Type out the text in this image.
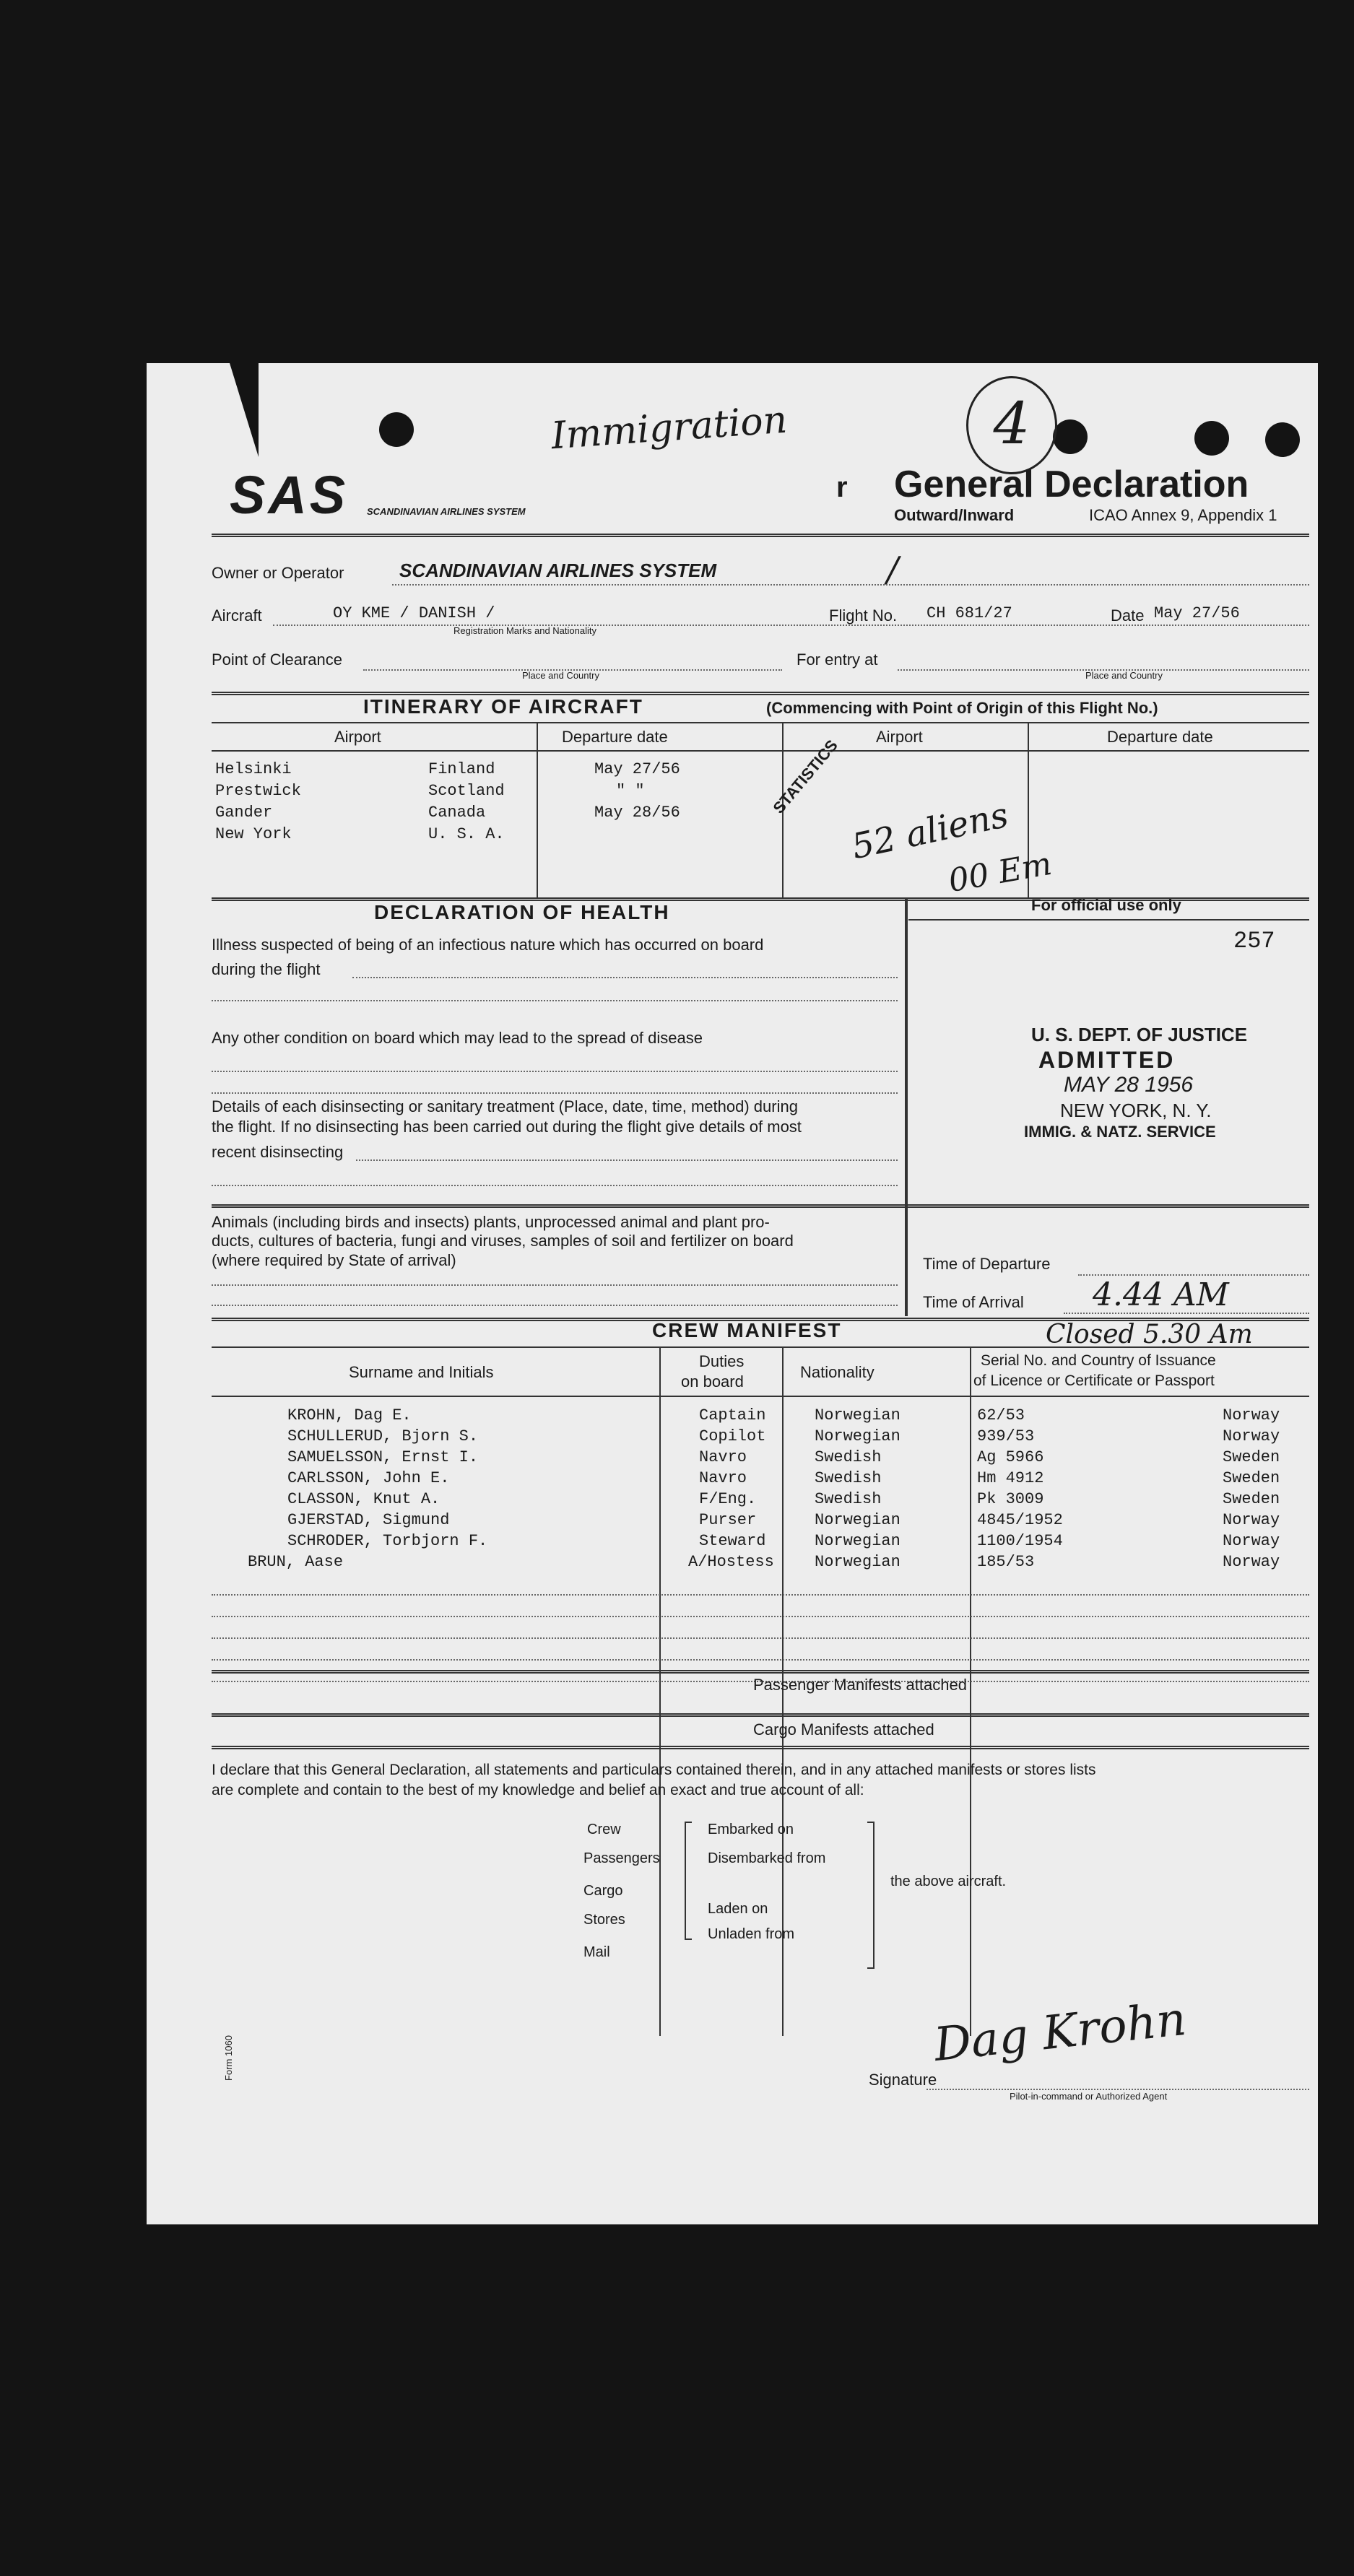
SAS SCANDINAVIAN AIRLINES SYSTEM
Immigration	4
r General Declaration
Outward/Inward	ICAO Annex 9, Appendix 1
Owner or Operator	SCANDINAVIAN AIRLINES SYSTEM	/
Aircraft	OY KME / DANISH /
Registration Marks and Nationality
Flight No. CH 681/27	Date May 27/56
Point of Clearance
Place and Country
For entry at
Place and Country
ITINERARY OF AIRCRAFT	(Commencing with Point of Origin of this Flight No.)
Airport	Departure date	Airport	Departure date
Helsinki	Finland	May 27/56
Prestwick	Scotland	" "
Gander	Canada	May 28/56
New York	U. S. A.
STATISTICS
52 aliens
00 Em
DECLARATION OF HEALTH
Illness suspected of being of an infectious nature which has occurred on board
during the flight
Any other condition on board which may lead to the spread of disease
Details of each disinsecting or sanitary treatment (Place, date, time, method) during
the flight. If no disinsecting has been carried out during the flight give details of most
recent disinsecting
Animals (including birds and insects) plants, unprocessed animal and plant pro-
ducts, cultures of bacteria, fungi and viruses, samples of soil and fertilizer on board
(where required by State of arrival)
For official use only
257
U. S. DEPT. OF JUSTICE
ADMITTED
MAY 28 1956
NEW YORK, N. Y.
IMMIG. & NATZ. SERVICE
Time of Departure
Time of Arrival 4.44 AM
CREW MANIFEST	Closed 5.30 Am
Surname and Initials
Duties
on board
Nationality
Serial No. and Country of Issuance
of Licence or Certificate or Passport
KROHN, Dag E.	Captain	Norwegian	62/53	Norway
SCHULLERUD, Bjorn S.	Copilot	Norwegian	939/53	Norway
SAMUELSSON, Ernst I.	Navro	Swedish	Ag 5966	Sweden
CARLSSON, John E.	Navro	Swedish	Hm 4912	Sweden
CLASSON, Knut A.	F/Eng.	Swedish	Pk 3009	Sweden
GJERSTAD, Sigmund	Purser	Norwegian	4845/1952	Norway
SCHRODER, Torbjorn F.	Steward	Norwegian	1100/1954	Norway
BRUN, Aase	A/Hostess	Norwegian	185/53	Norway
Passenger Manifests attached
Cargo Manifests attached
I declare that this General Declaration, all statements and particulars contained therein, and in any attached manifests or stores lists
are complete and contain to the best of my knowledge and belief an exact and true account of all:
Crew
Passengers
Cargo
Stores
Mail
Embarked on
Disembarked from
Laden on
Unladen from
the above aircraft.
Signature
Dag Krohn
Pilot-in-command or Authorized Agent
Form 1060
